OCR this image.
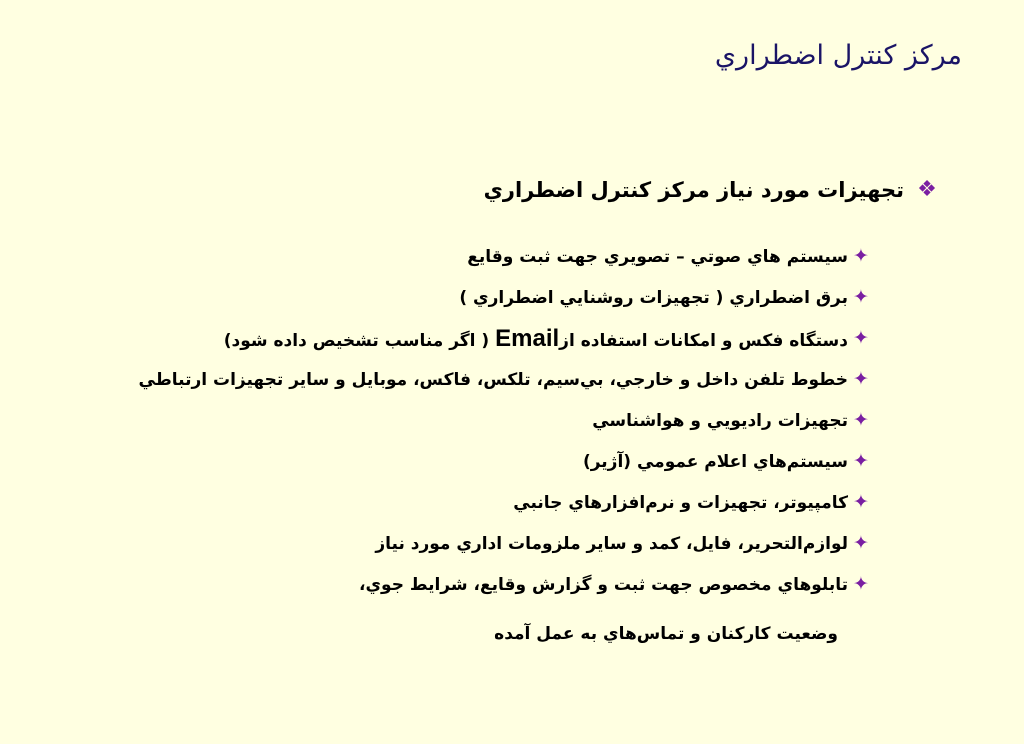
مركز كنترل اضطراري
❖
تجهيزات مورد نياز مركز كنترل اضطراري
✦
سيستم هاي صوتي – تصويري جهت ثبت وقايع
✦
برق اضطراري ( تجهيزات روشنايي اضطراري )
✦
دستگاه فكس و امكانات استفاده ازEmail ( اگر مناسب تشخيص داده شود)
✦
خطوط تلفن داخل و خارجي، بي‌سيم، تلكس، فاكس، موبايل و ساير تجهيزات ارتباطي
✦
تجهيزات راديويي و هواشناسي
✦
سيستم‌هاي اعلام عمومي (آژير)
✦
كامپيوتر، تجهيزات و نرم‌افزارهاي جانبي
✦
لوازم‌التحرير، فايل، كمد و ساير ملزومات اداري مورد نياز
✦
تابلوهاي مخصوص جهت ثبت و گزارش وقايع، شرايط جوي،
وضعيت كاركنان و تماس‌هاي به عمل آمده
